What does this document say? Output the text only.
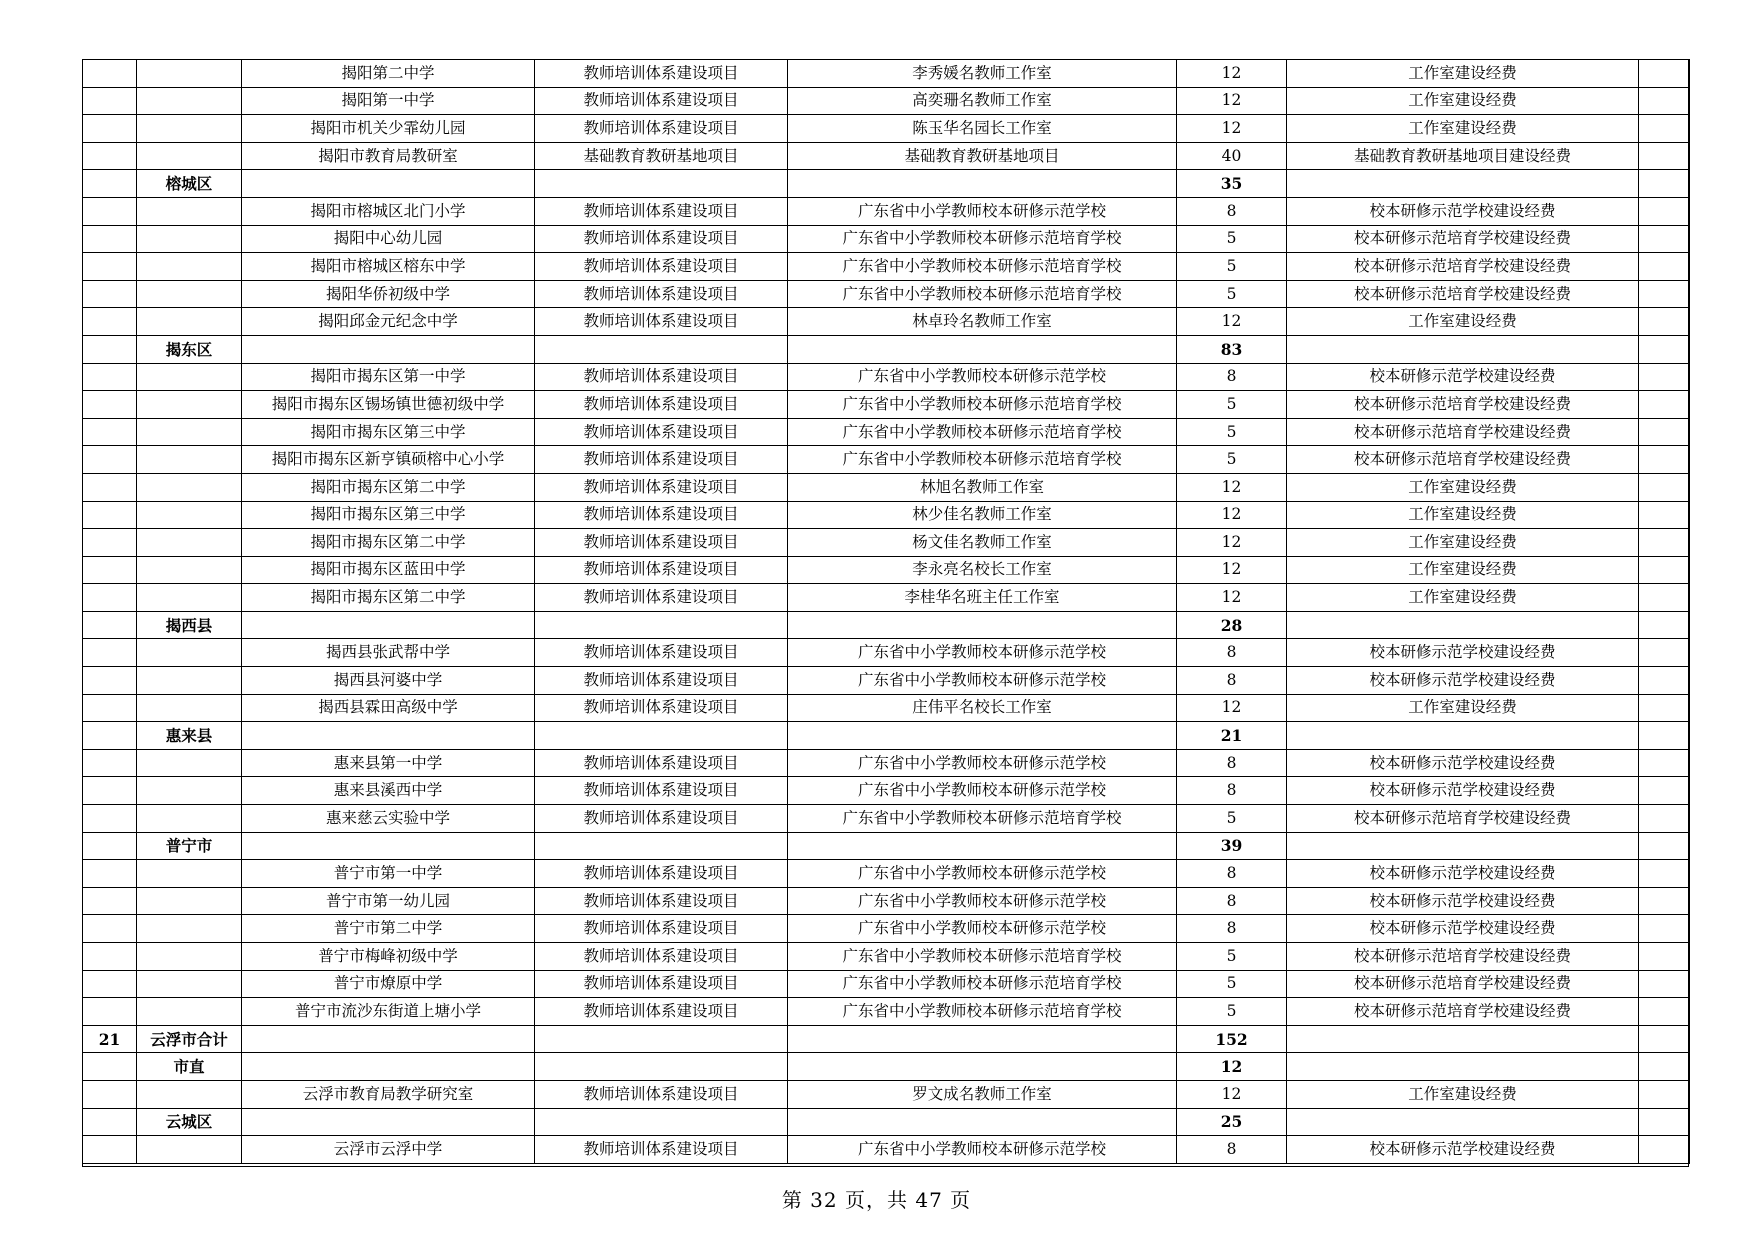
		揭阳第二中学	教师培训体系建设项目	李秀媛名教师工作室	12	工作室建设经费	
		揭阳第一中学	教师培训体系建设项目	高奕珊名教师工作室	12	工作室建设经费	
		揭阳市机关少霏幼儿园	教师培训体系建设项目	陈玉华名园长工作室	12	工作室建设经费	
		揭阳市教育局教研室	基础教育教研基地项目	基础教育教研基地项目	40	基础教育教研基地项目建设经费	
	榕城区				35		
		揭阳市榕城区北门小学	教师培训体系建设项目	广东省中小学教师校本研修示范学校	8	校本研修示范学校建设经费	
		揭阳中心幼儿园	教师培训体系建设项目	广东省中小学教师校本研修示范培育学校	5	校本研修示范培育学校建设经费	
		揭阳市榕城区榕东中学	教师培训体系建设项目	广东省中小学教师校本研修示范培育学校	5	校本研修示范培育学校建设经费	
		揭阳华侨初级中学	教师培训体系建设项目	广东省中小学教师校本研修示范培育学校	5	校本研修示范培育学校建设经费	
		揭阳邱金元纪念中学	教师培训体系建设项目	林卓玲名教师工作室	12	工作室建设经费	
	揭东区				83		
		揭阳市揭东区第一中学	教师培训体系建设项目	广东省中小学教师校本研修示范学校	8	校本研修示范学校建设经费	
		揭阳市揭东区锡场镇世德初级中学	教师培训体系建设项目	广东省中小学教师校本研修示范培育学校	5	校本研修示范培育学校建设经费	
		揭阳市揭东区第三中学	教师培训体系建设项目	广东省中小学教师校本研修示范培育学校	5	校本研修示范培育学校建设经费	
		揭阳市揭东区新亨镇硕榕中心小学	教师培训体系建设项目	广东省中小学教师校本研修示范培育学校	5	校本研修示范培育学校建设经费	
		揭阳市揭东区第二中学	教师培训体系建设项目	林旭名教师工作室	12	工作室建设经费	
		揭阳市揭东区第三中学	教师培训体系建设项目	林少佳名教师工作室	12	工作室建设经费	
		揭阳市揭东区第二中学	教师培训体系建设项目	杨文佳名教师工作室	12	工作室建设经费	
		揭阳市揭东区蓝田中学	教师培训体系建设项目	李永亮名校长工作室	12	工作室建设经费	
		揭阳市揭东区第二中学	教师培训体系建设项目	李桂华名班主任工作室	12	工作室建设经费	
	揭西县				28		
		揭西县张武帮中学	教师培训体系建设项目	广东省中小学教师校本研修示范学校	8	校本研修示范学校建设经费	
		揭西县河婆中学	教师培训体系建设项目	广东省中小学教师校本研修示范学校	8	校本研修示范学校建设经费	
		揭西县霖田高级中学	教师培训体系建设项目	庄伟平名校长工作室	12	工作室建设经费	
	惠来县				21		
		惠来县第一中学	教师培训体系建设项目	广东省中小学教师校本研修示范学校	8	校本研修示范学校建设经费	
		惠来县溪西中学	教师培训体系建设项目	广东省中小学教师校本研修示范学校	8	校本研修示范学校建设经费	
		惠来慈云实验中学	教师培训体系建设项目	广东省中小学教师校本研修示范培育学校	5	校本研修示范培育学校建设经费	
	普宁市				39		
		普宁市第一中学	教师培训体系建设项目	广东省中小学教师校本研修示范学校	8	校本研修示范学校建设经费	
		普宁市第一幼儿园	教师培训体系建设项目	广东省中小学教师校本研修示范学校	8	校本研修示范学校建设经费	
		普宁市第二中学	教师培训体系建设项目	广东省中小学教师校本研修示范学校	8	校本研修示范学校建设经费	
		普宁市梅峰初级中学	教师培训体系建设项目	广东省中小学教师校本研修示范培育学校	5	校本研修示范培育学校建设经费	
		普宁市燎原中学	教师培训体系建设项目	广东省中小学教师校本研修示范培育学校	5	校本研修示范培育学校建设经费	
		普宁市流沙东街道上塘小学	教师培训体系建设项目	广东省中小学教师校本研修示范培育学校	5	校本研修示范培育学校建设经费	
21	云浮市合计				152		
	市直				12		
		云浮市教育局教学研究室	教师培训体系建设项目	罗文成名教师工作室	12	工作室建设经费	
	云城区				25		
		云浮市云浮中学	教师培训体系建设项目	广东省中小学教师校本研修示范学校	8	校本研修示范学校建设经费	
第 32 页，共 47 页
